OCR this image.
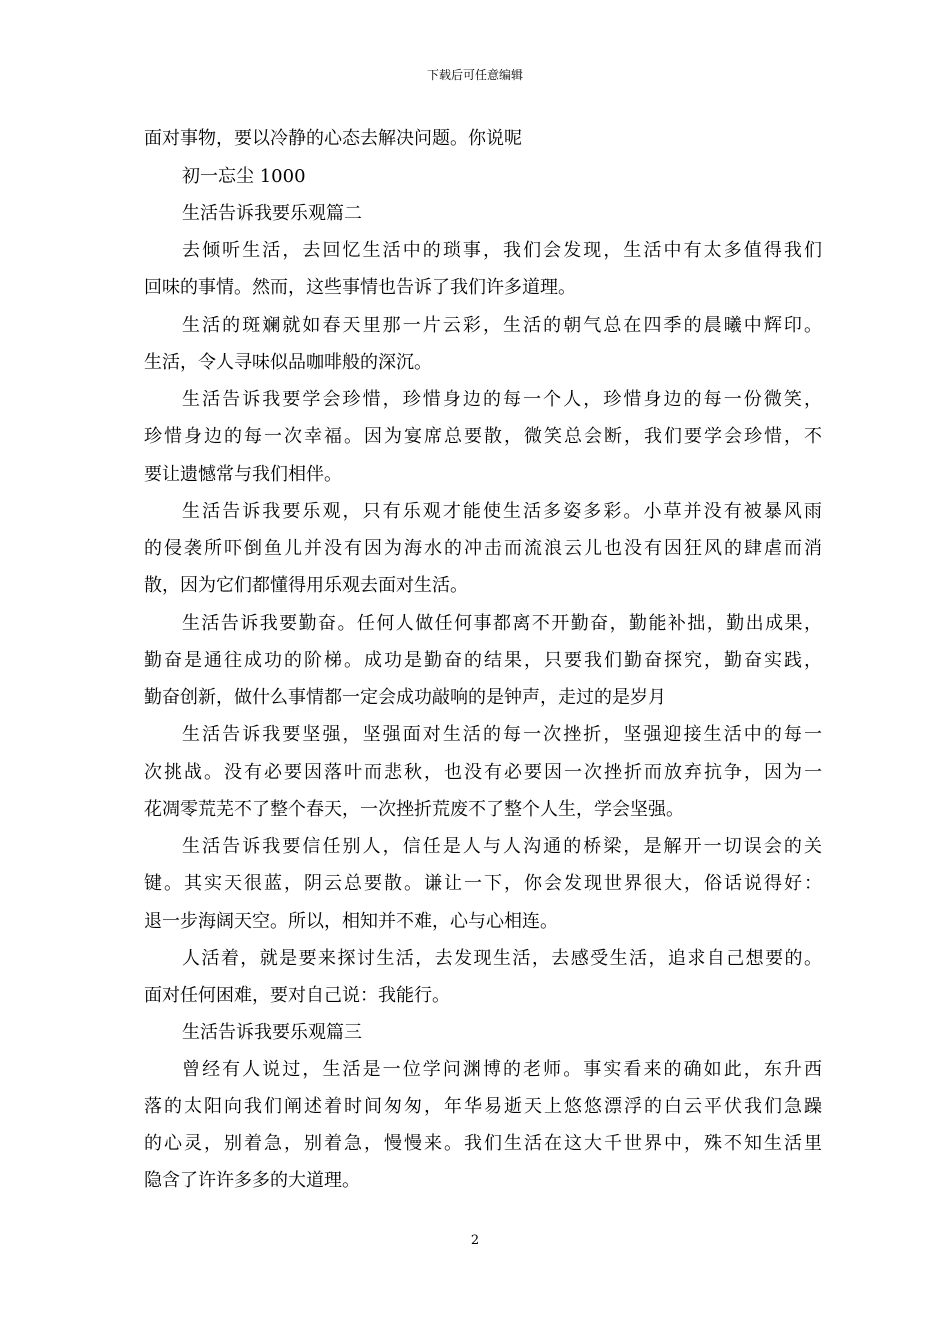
下载后可任意编辑
面对事物，要以冷静的心态去解决问题。你说呢
初一忘尘 1000
生活告诉我要乐观篇二
去倾听生活，去回忆生活中的琐事，我们会发现，生活中有太多值得我们
回味的事情。然而，这些事情也告诉了我们许多道理。
生活的斑斓就如春天里那一片云彩，生活的朝气总在四季的晨曦中辉印。
生活，令人寻味似品咖啡般的深沉。
生活告诉我要学会珍惜，珍惜身边的每一个人，珍惜身边的每一份微笑，
珍惜身边的每一次幸福。因为宴席总要散，微笑总会断，我们要学会珍惜，不
要让遗憾常与我们相伴。
生活告诉我要乐观，只有乐观才能使生活多姿多彩。小草并没有被暴风雨
的侵袭所吓倒鱼儿并没有因为海水的冲击而流浪云儿也没有因狂风的肆虐而消
散，因为它们都懂得用乐观去面对生活。
生活告诉我要勤奋。任何人做任何事都离不开勤奋，勤能补拙，勤出成果，
勤奋是通往成功的阶梯。成功是勤奋的结果，只要我们勤奋探究，勤奋实践，
勤奋创新，做什么事情都一定会成功敲响的是钟声，走过的是岁月
生活告诉我要坚强，坚强面对生活的每一次挫折，坚强迎接生活中的每一
次挑战。没有必要因落叶而悲秋，也没有必要因一次挫折而放弃抗争，因为一
花凋零荒芜不了整个春天，一次挫折荒废不了整个人生，学会坚强。
生活告诉我要信任别人，信任是人与人沟通的桥梁，是解开一切误会的关
键。其实天很蓝，阴云总要散。谦让一下，你会发现世界很大，俗话说得好：
退一步海阔天空。所以，相知并不难，心与心相连。
人活着，就是要来探讨生活，去发现生活，去感受生活，追求自己想要的。
面对任何困难，要对自己说：我能行。
生活告诉我要乐观篇三
曾经有人说过，生活是一位学问渊博的老师。事实看来的确如此，东升西
落的太阳向我们阐述着时间匆匆，年华易逝天上悠悠漂浮的白云平伏我们急躁
的心灵，别着急，别着急，慢慢来。我们生活在这大千世界中，殊不知生活里
隐含了许许多多的大道理。
2
